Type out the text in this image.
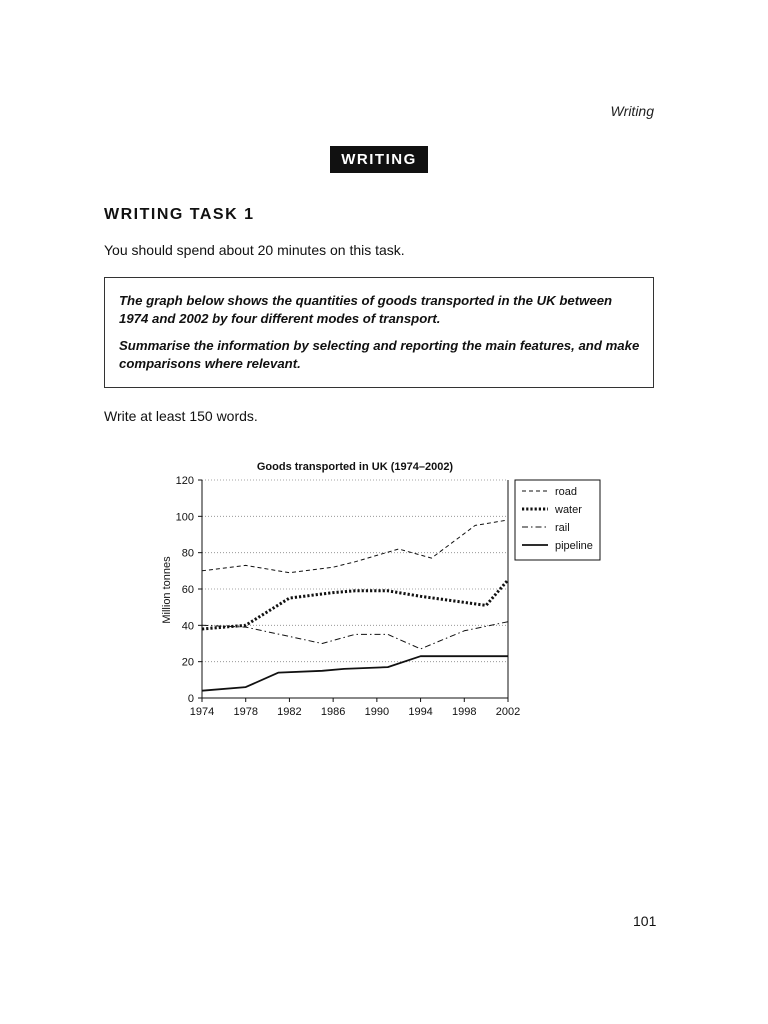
Writing
WRITING
WRITING TASK 1
You should spend about 20 minutes on this task.

The graph below shows the quantities of goods transported in the UK between 1974 and 2002 by four different modes of transport.

Summarise the information by selecting and reporting the main features, and make comparisons where relevant.

Write at least 150 words.
Goods transported in UK (1974–2002)
Million tonnes
0
20
40
60
80
100
120
1974 1978 1982 1986 1990 1994 1998 2002
road
water
rail
pipeline
101
